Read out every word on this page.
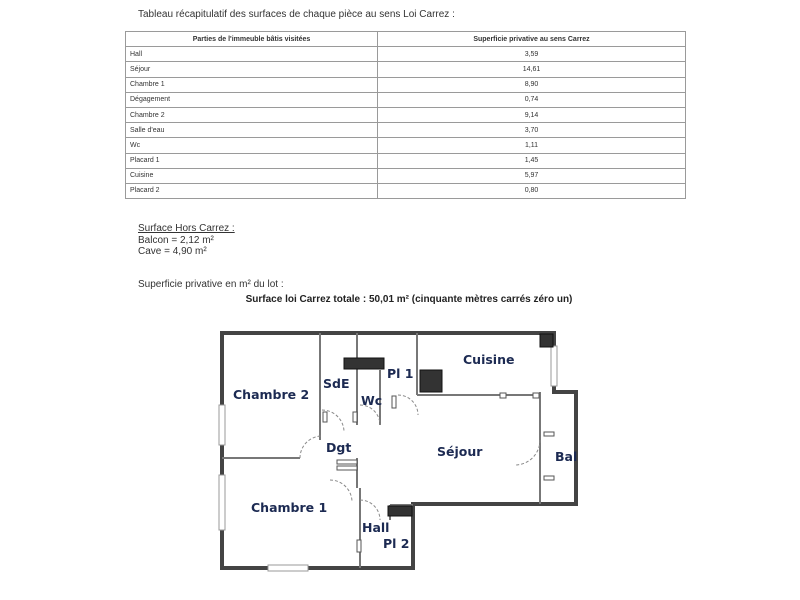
Tableau récapitulatif des surfaces de chaque pièce au sens Loi Carrez :
Parties de l'immeuble bâtis visitées	Superficie privative au sens Carrez
Hall	3,59
Séjour	14,61
Chambre 1	8,90
Dégagement	0,74
Chambre 2	9,14
Salle d'eau	3,70
Wc	1,11
Placard 1	1,45
Cuisine	5,97
Placard 2	0,80
Surface Hors Carrez :
Balcon = 2,12 m²
Cave = 4,90 m²
Superficie privative en m² du lot :
Surface loi Carrez totale : 50,01 m² (cinquante mètres carrés zéro un)
Chambre 2
SdE
Wc
Pl 1
Cuisine
Dgt	Séjour	Bal
Chambre 1
Hall
Pl 2
